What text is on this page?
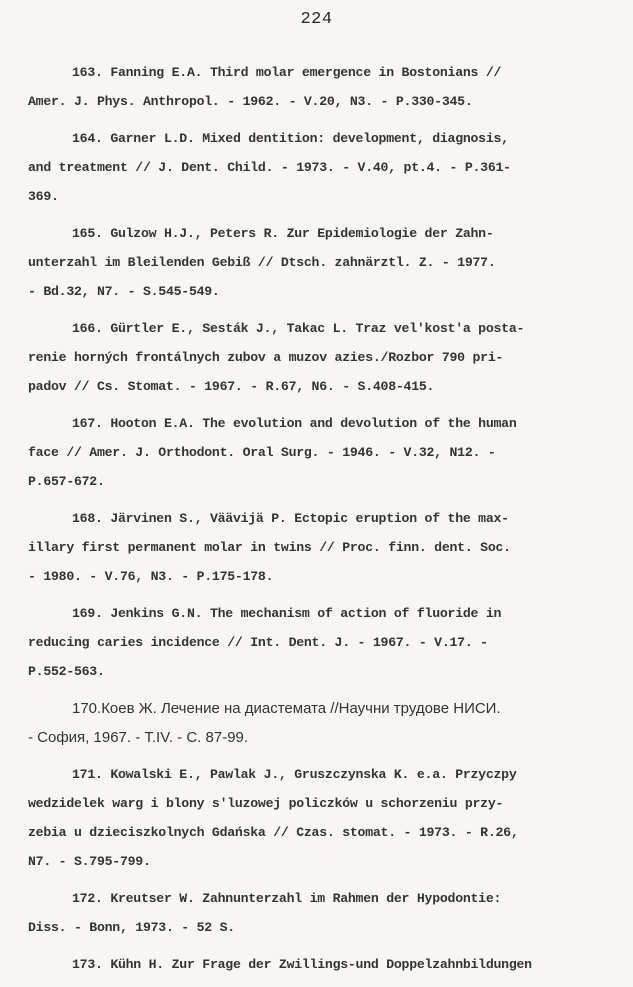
224
163. Fanning E.A. Third molar emergence in Bostonians //
Amer. J. Phys. Anthropol. - 1962. - V.20, N3. - P.330-345.
164. Garner L.D. Mixed dentition: development, diagnosis,
and treatment // J. Dent. Child. - 1973. - V.40, pt.4. - P.361-
369.
165. Gulzow H.J., Peters R. Zur Epidemiologie der Zahn-
unterzahl im Bleilenden Gebiß // Dtsch. zahnärztl. Z. - 1977.
- Bd.32, N7. - S.545-549.
166. Gürtler E., Sesták J., Takac L. Traz vel'kost'a posta-
renie horných frontálnych zubov a muzov azies./Rozbor 790 pri-
padov // Cs. Stomat. - 1967. - R.67, N6. - S.408-415.
167. Hooton E.A. The evolution and devolution of the human
face // Amer. J. Orthodont. Oral Surg. - 1946. - V.32, N12. -
P.657-672.
168. Järvinen S., Väävijä P. Ectopic eruption of the max-
illary first permanent molar in twins // Proc. finn. dent. Soc.
- 1980. - V.76, N3. - P.175-178.
169. Jenkins G.N. The mechanism of action of fluoride in
reducing caries incidence // Int. Dent. J. - 1967. - V.17. -
P.552-563.
170.Коев Ж. Лечение на диастемата //Научни трудове НИСИ.
- София, 1967. - Т.IV. - С. 87-99.
171. Kowalski E., Pawlak J., Gruszczynska K. e.a. Przyczpy
wedzidelek warg i blony s'luzowej policzków u schorzeniu przy-
zebia u dzieciszkolnych Gdańska // Czas. stomat. - 1973. - R.26,
N7. - S.795-799.
172. Kreutser W. Zahnunterzahl im Rahmen der Hypodontie:
Diss. - Bonn, 1973. - 52 S.
173. Kühn H. Zur Frage der Zwillings-und Doppelzahnbildungen
